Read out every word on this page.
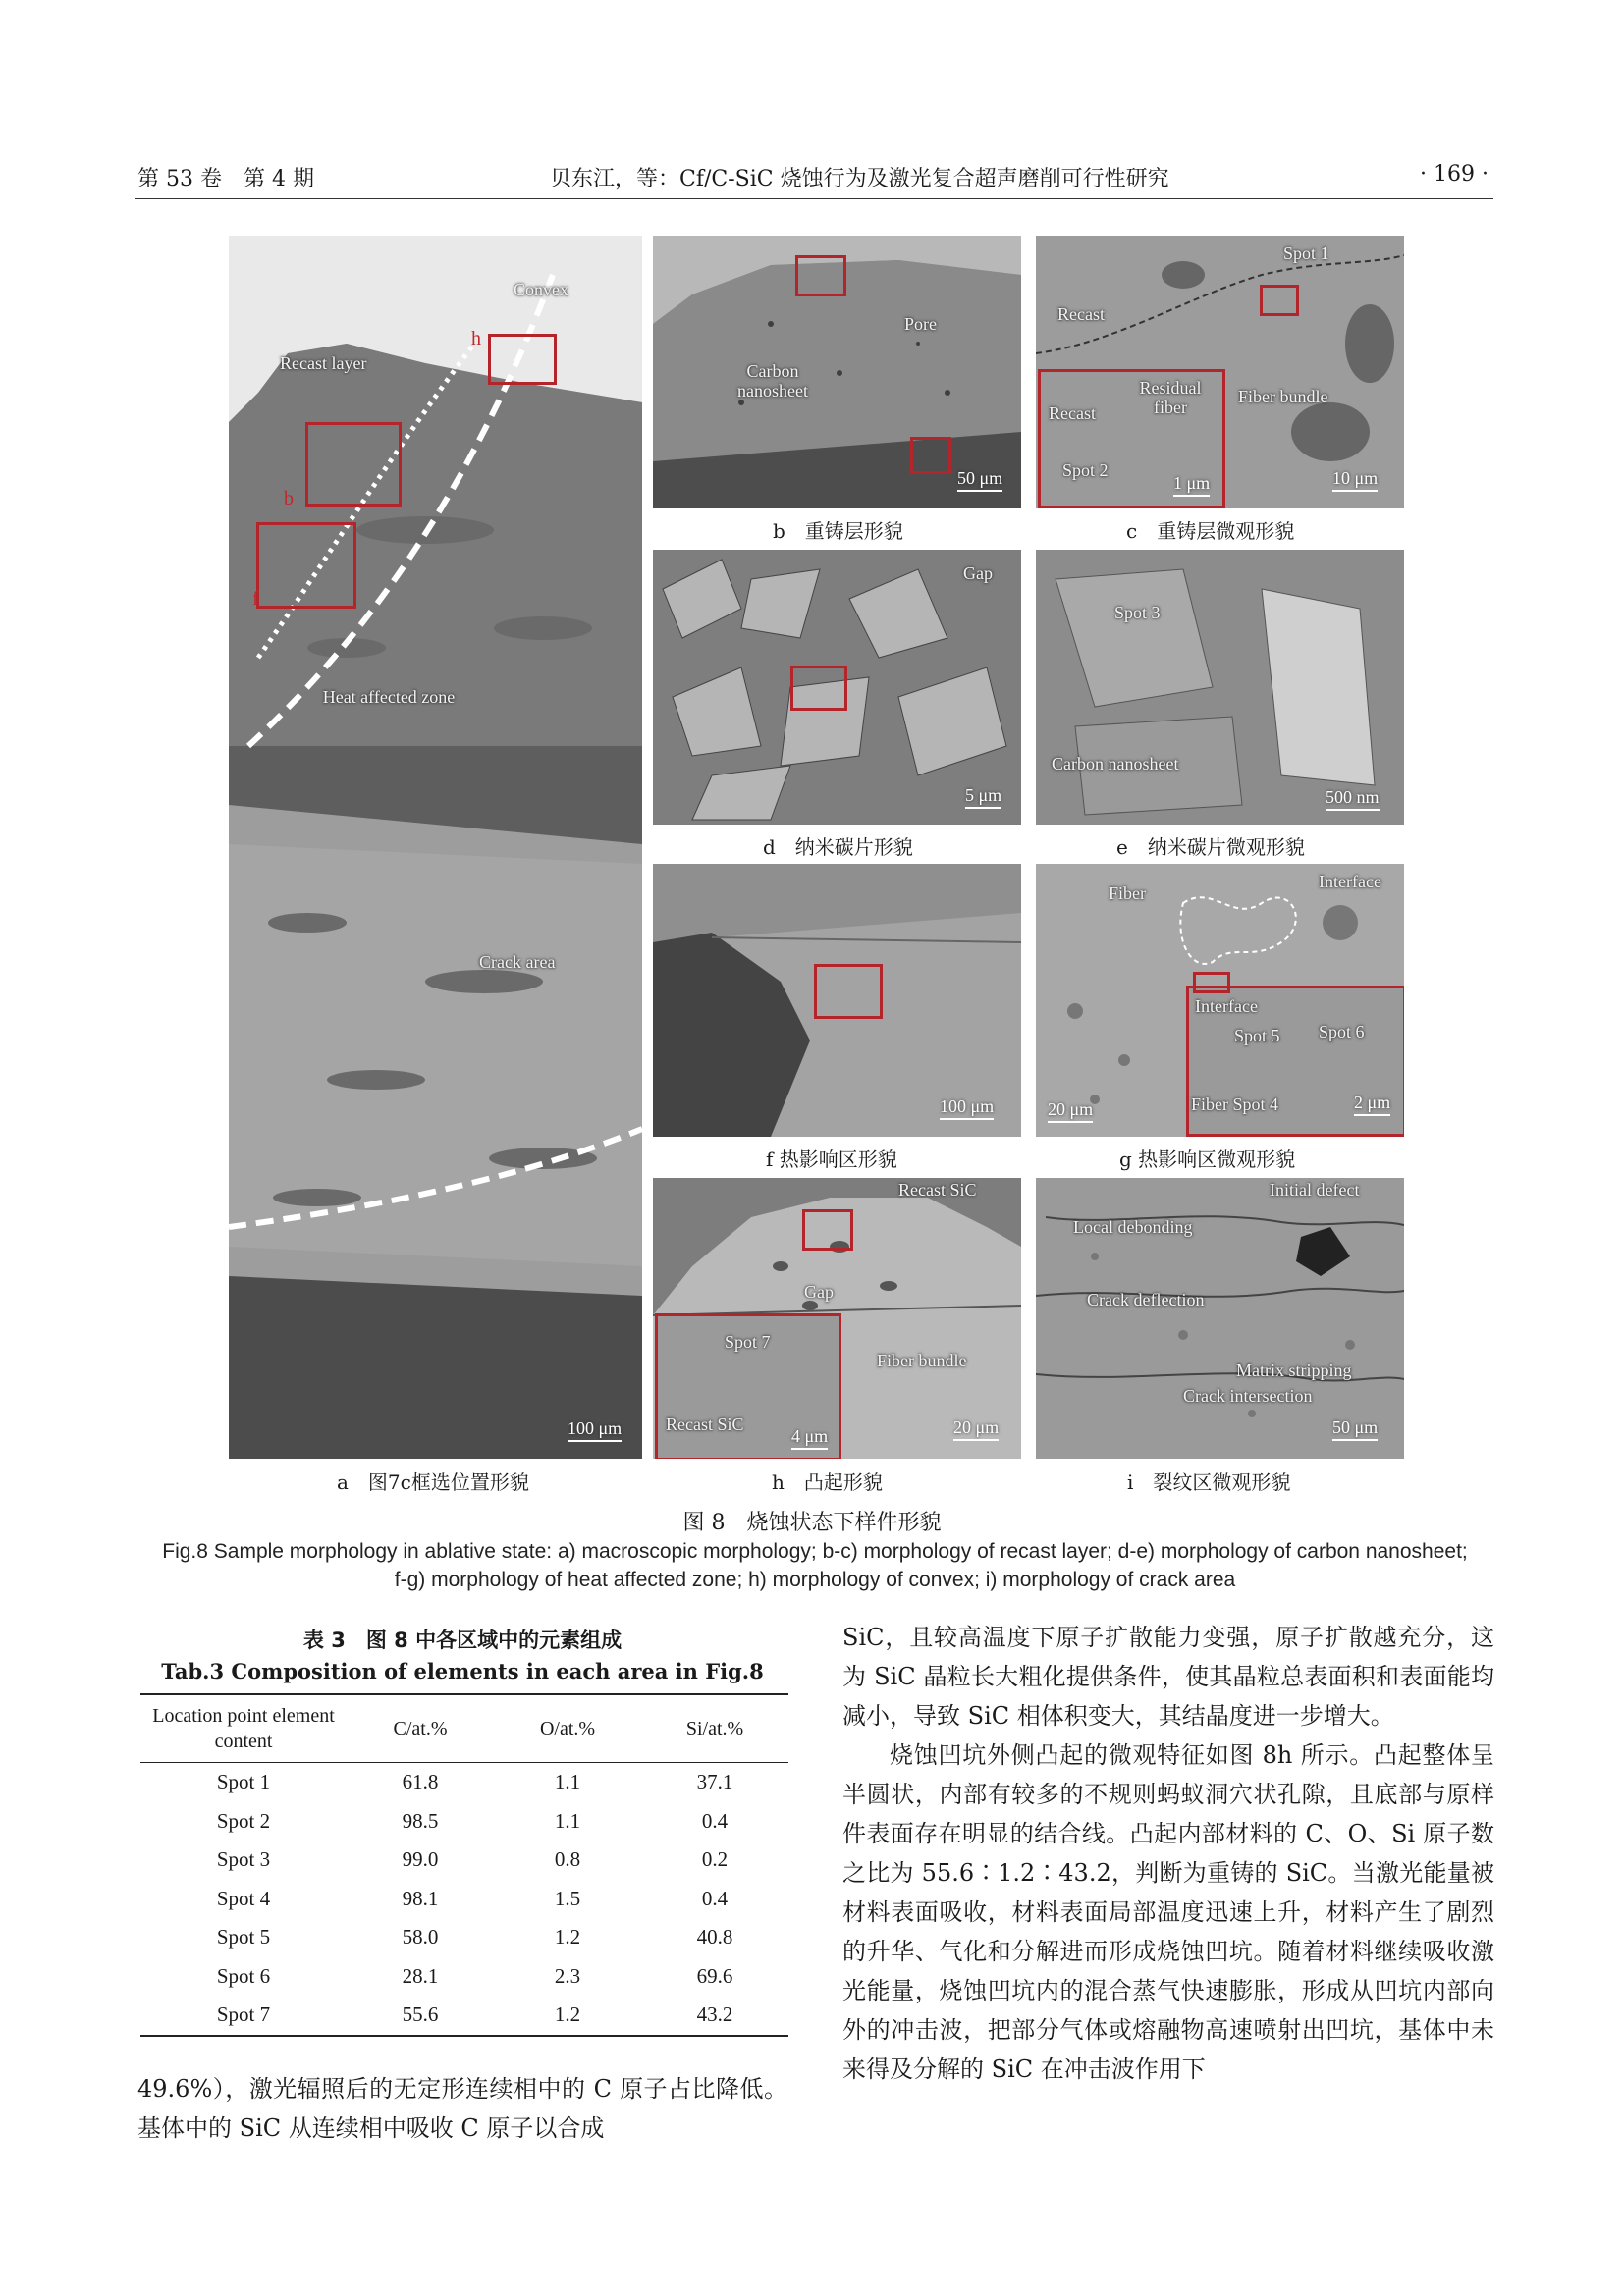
第 53 卷　第 4 期	贝东江，等：Cf/C-SiC 烧蚀行为及激光复合超声磨削可行性研究	· 169 ·
h
b
f
Convex
Recast layer
Heat affected zone
Crack area
100 μm
a　图7c框选位置形貌
Pore
Carbon nanosheet
50 μm
b　重铸层形貌
Recast
Residual fiber
Spot 2
1 μm
Spot 1
Recast
Fiber bundle
10 μm
c　重铸层微观形貌
Gap
5 μm
d　纳米碳片形貌
Spot 3
Carbon nanosheet
500 nm
e　纳米碳片微观形貌
100 μm
f 热影响区形貌
Interface
Spot 5 Spot 6
Fiber Spot 4	2 μm
Fiber
Interface
20 μm
g 热影响区微观形貌
Spot 7
Recast SiC
4 μm
Recast SiC
Gap
Fiber bundle
20 μm
h　凸起形貌
Initial defect
Local debonding
Crack deflection
Matrix stripping
Crack intersection
50 μm
i　裂纹区微观形貌
图 8　烧蚀状态下样件形貌
Fig.8 Sample morphology in ablative state: a) macroscopic morphology; b-c) morphology of recast layer; d-e) morphology of carbon nanosheet; f-g) morphology of heat affected zone; h) morphology of convex; i) morphology of crack area
表 3　图 8 中各区域中的元素组成
Tab.3 Composition of elements in each area in Fig.8
Location point element content	C/at.%	O/at.%	Si/at.%
Spot 1	61.8	1.1	37.1
Spot 2	98.5	1.1	0.4
Spot 3	99.0	0.8	0.2
Spot 4	98.1	1.5	0.4
Spot 5	58.0	1.2	40.8
Spot 6	28.1	2.3	69.6
Spot 7	55.6	1.2	43.2

49.6%），激光辐照后的无定形连续相中的 C 原子占比降低。基体中的 SiC 从连续相中吸收 C 原子以合成

SiC，且较高温度下原子扩散能力变强，原子扩散越充分，这为 SiC 晶粒长大粗化提供条件，使其晶粒总表面积和表面能均减小，导致 SiC 相体积变大，其结晶度进一步增大。

烧蚀凹坑外侧凸起的微观特征如图 8h 所示。凸起整体呈半圆状，内部有较多的不规则蚂蚁洞穴状孔隙，且底部与原样件表面存在明显的结合线。凸起内部材料的 C、O、Si 原子数之比为 55.6∶1.2∶43.2，判断为重铸的 SiC。当激光能量被材料表面吸收，材料表面局部温度迅速上升，材料产生了剧烈的升华、气化和分解进而形成烧蚀凹坑。随着材料继续吸收激光能量，烧蚀凹坑内的混合蒸气快速膨胀，形成从凹坑内部向外的冲击波，把部分气体或熔融物高速喷射出凹坑，基体中未来得及分解的 SiC 在冲击波作用下
